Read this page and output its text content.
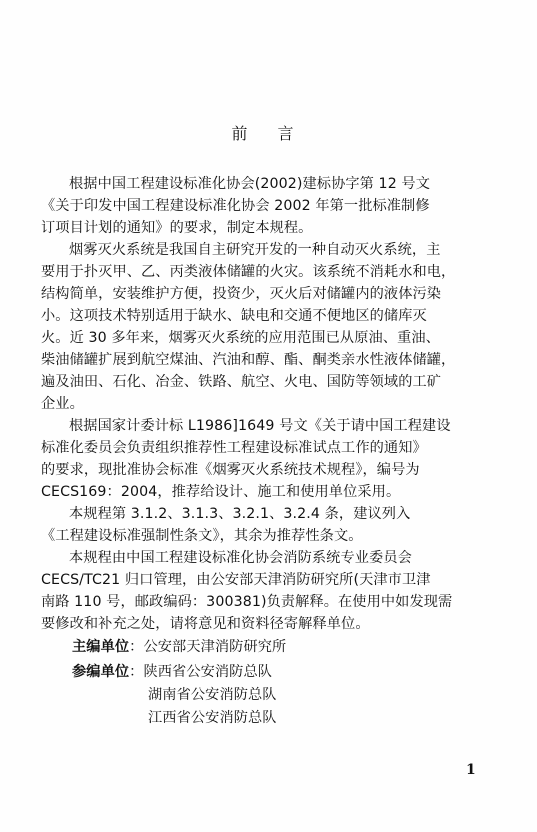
前言
根据中国工程建设标准化协会(2002)建标协字第 12 号文
《关于印发中国工程建设标准化协会 2002 年第一批标准制修
订项目计划的通知》的要求，制定本规程。
烟雾灭火系统是我国自主研究开发的一种自动灭火系统，主
要用于扑灭甲、乙、丙类液体储罐的火灾。该系统不消耗水和电，
结构简单，安装维护方便，投资少，灭火后对储罐内的液体污染
小。这项技术特别适用于缺水、缺电和交通不便地区的储库灭
火。近 30 多年来，烟雾灭火系统的应用范围已从原油、重油、
柴油储罐扩展到航空煤油、汽油和醇、酯、酮类亲水性液体储罐，
遍及油田、石化、冶金、铁路、航空、火电、国防等领域的工矿
企业。
根据国家计委计标 L1986]1649 号文《关于请中国工程建设
标准化委员会负责组织推荐性工程建设标准试点工作的通知》
的要求，现批准协会标准《烟雾灭火系统技术规程》，编号为
CECS169：2004，推荐给设计、施工和使用单位采用。
本规程第 3.1.2、3.1.3、3.2.1、3.2.4 条，建议列入
《工程建设标准强制性条文》，其余为推荐性条文。
本规程由中国工程建设标准化协会消防系统专业委员会
CECS/TC21 归口管理，由公安部天津消防研究所(天津市卫津
南路 110 号，邮政编码：300381)负责解释。在使用中如发现需
要修改和补充之处，请将意见和资料径寄解释单位。
主编单位：公安部天津消防研究所
参编单位：陕西省公安消防总队
湖南省公安消防总队
江西省公安消防总队
1
